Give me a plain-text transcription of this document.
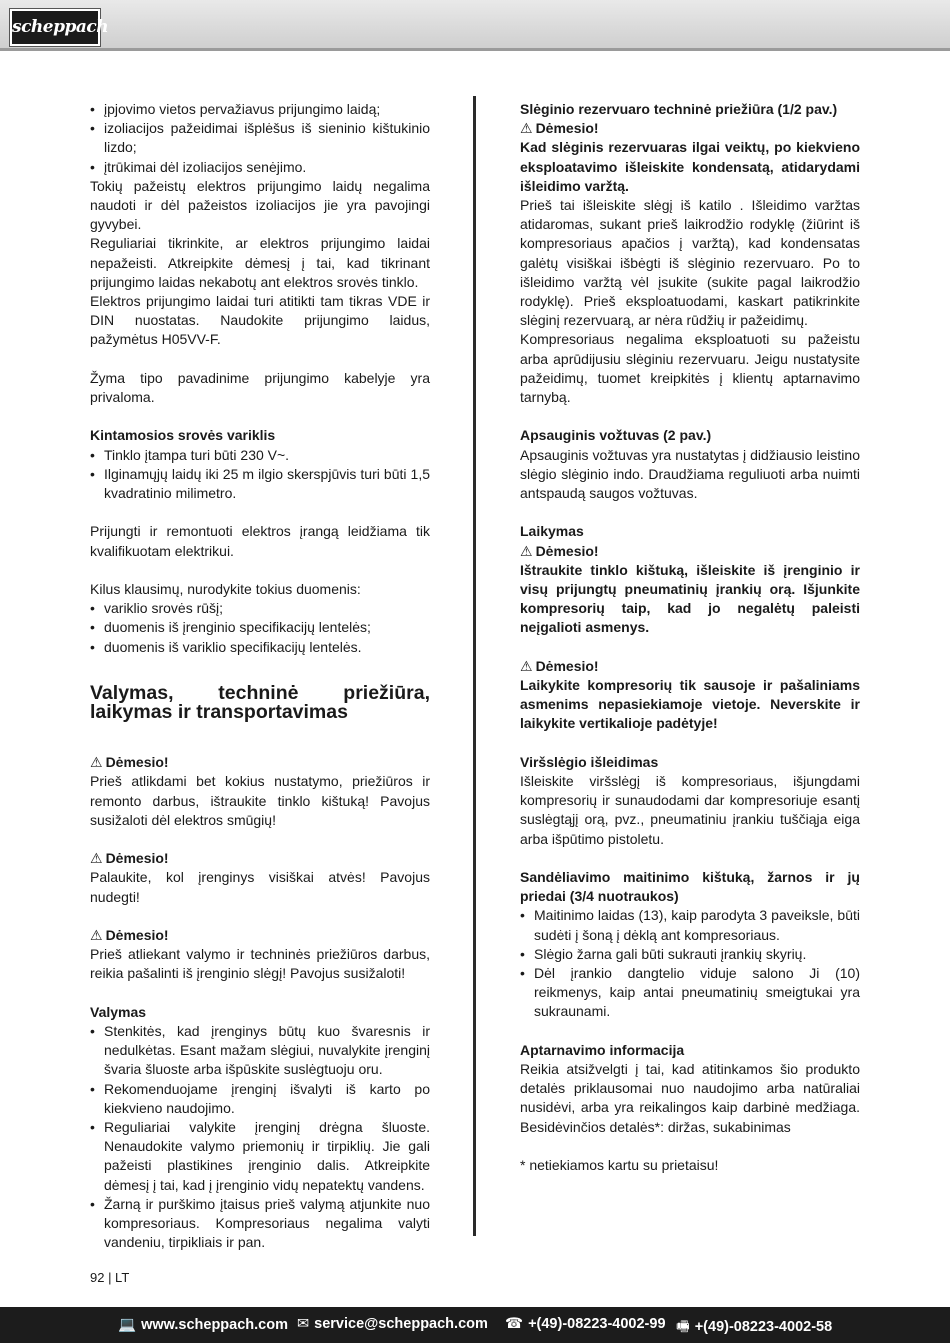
scheppach
• įpjovimo vietos pervažiavus prijungimo laidą;
• izoliacijos pažeidimai išplėšus iš sieninio kištukinio lizdo;
• įtrūkimai dėl izoliacijos senėjimo.

Tokių pažeistų elektros prijungimo laidų negalima naudoti ir dėl pažeistos izoliacijos jie yra pavojingi gyvybei.

Reguliariai tikrinkite, ar elektros prijungimo laidai nepažeisti. Atkreipkite dėmesį į tai, kad tikrinant prijungimo laidas nekabotų ant elektros srovės tinklo.

Elektros prijungimo laidai turi atitikti tam tikras VDE ir DIN nuostatas. Naudokite prijungimo laidus, pažymėtus H05VV-F.

Žyma tipo pavadinime prijungimo kabelyje yra privaloma.

Kintamosios srovės variklis

• Tinklo įtampa turi būti 230 V~.
• Ilginamųjų laidų iki 25 m ilgio skerspjūvis turi būti 1,5 kvadratinio milimetro.

Prijungti ir remontuoti elektros įrangą leidžiama tik kvalifikuotam elektrikui.

Kilus klausimų, nurodykite tokius duomenis:

• variklio srovės rūšį;
• duomenis iš įrenginio specifikacijų lentelės;
• duomenis iš variklio specifikacijų lentelės.
Valymas, techninė priežiūra, laikymas ir transportavimas

⚠ Dėmesio!

Prieš atlikdami bet kokius nustatymo, priežiūros ir remonto darbus, ištraukite tinklo kištuką! Pavojus susižaloti dėl elektros smūgių!

⚠ Dėmesio!

Palaukite, kol įrenginys visiškai atvės! Pavojus nudegti!

⚠ Dėmesio!

Prieš atliekant valymo ir techninės priežiūros darbus, reikia pašalinti iš įrenginio slėgį! Pavojus susižaloti!

Valymas

• Stenkitės, kad įrenginys būtų kuo švaresnis ir nedulkėtas. Esant mažam slėgiui, nuvalykite įrenginį švaria šluoste arba išpūskite suslėgtuoju oru.
• Rekomenduojame įrenginį išvalyti iš karto po kiekvieno naudojimo.
• Reguliariai valykite įrenginį drėgna šluoste. Nenaudokite valymo priemonių ir tirpiklių. Jie gali pažeisti plastikines įrenginio dalis. Atkreipkite dėmesį į tai, kad į įrenginio vidų nepatektų vandens.
• Žarną ir purškimo įtaisus prieš valymą atjunkite nuo kompresoriaus. Kompresoriaus negalima valyti vandeniu, tirpikliais ir pan.

Slėginio rezervuaro techninė priežiūra (1/2 pav.)

⚠ Dėmesio!

Kad slėginis rezervuaras ilgai veiktų, po kiekvieno eksploatavimo išleiskite kondensatą, atidarydami išleidimo varžtą.

Prieš tai išleiskite slėgį iš katilo . Išleidimo varžtas atidaromas, sukant prieš laikrodžio rodyklę (žiūrint iš kompresoriaus apačios į varžtą), kad kondensatas galėtų visiškai išbėgti iš slėginio rezervuaro. Po to išleidimo varžtą vėl įsukite (sukite pagal laikrodžio rodyklę). Prieš eksploatuodami, kaskart patikrinkite slėginį rezervuarą, ar nėra rūdžių ir pažeidimų.

Kompresoriaus negalima eksploatuoti su pažeistu arba aprūdijusiu slėginiu rezervuaru. Jeigu nustatysite pažeidimų, tuomet kreipkitės į klientų aptarnavimo tarnybą.

Apsauginis vožtuvas (2 pav.)

Apsauginis vožtuvas yra nustatytas į didžiausio leistino slėgio slėginio indo. Draudžiama reguliuoti arba nuimti antspaudą saugos vožtuvas.

Laikymas

⚠ Dėmesio!

Ištraukite tinklo kištuką, išleiskite iš įrenginio ir visų prijungtų pneumatinių įrankių orą. Išjunkite kompresorių taip, kad jo negalėtų paleisti neįgalioti asmenys.

⚠ Dėmesio!

Laikykite kompresorių tik sausoje ir pašaliniams asmenims nepasiekiamoje vietoje. Neverskite ir laikykite vertikalioje padėtyje!

Viršslėgio išleidimas

Išleiskite viršslėgį iš kompresoriaus, išjungdami kompresorių ir sunaudodami dar kompresoriuje esantį suslėgtąjį orą, pvz., pneumatiniu įrankiu tuščiąja eiga arba išpūtimo pistoletu.

Sandėliavimo maitinimo kištuką, žarnos ir jų priedai (3/4 nuotraukos)

• Maitinimo laidas (13), kaip parodyta 3 paveiksle, būti sudėti į šoną į dėklą ant kompresoriaus.
• Slėgio žarna gali būti sukrauti įrankių skyrių.
• Dėl įrankio dangtelio viduje salono Ji (10) reikmenys, kaip antai pneumatinių smeigtukai yra sukraunami.

Aptarnavimo informacija

Reikia atsižvelgti į tai, kad atitinkamos šio produkto detalės priklausomai nuo naudojimo arba natūraliai nusidėvi, arba yra reikalingos kaip darbinė medžiaga. Besidėvinčios detalės*: diržas, sukabinimas

* netiekiamos kartu su prietaisu!

92 | LT
💻 www.scheppach.com ✉ service@scheppach.com ☎ +(49)-08223-4002-99 🖷 +(49)-08223-4002-58
